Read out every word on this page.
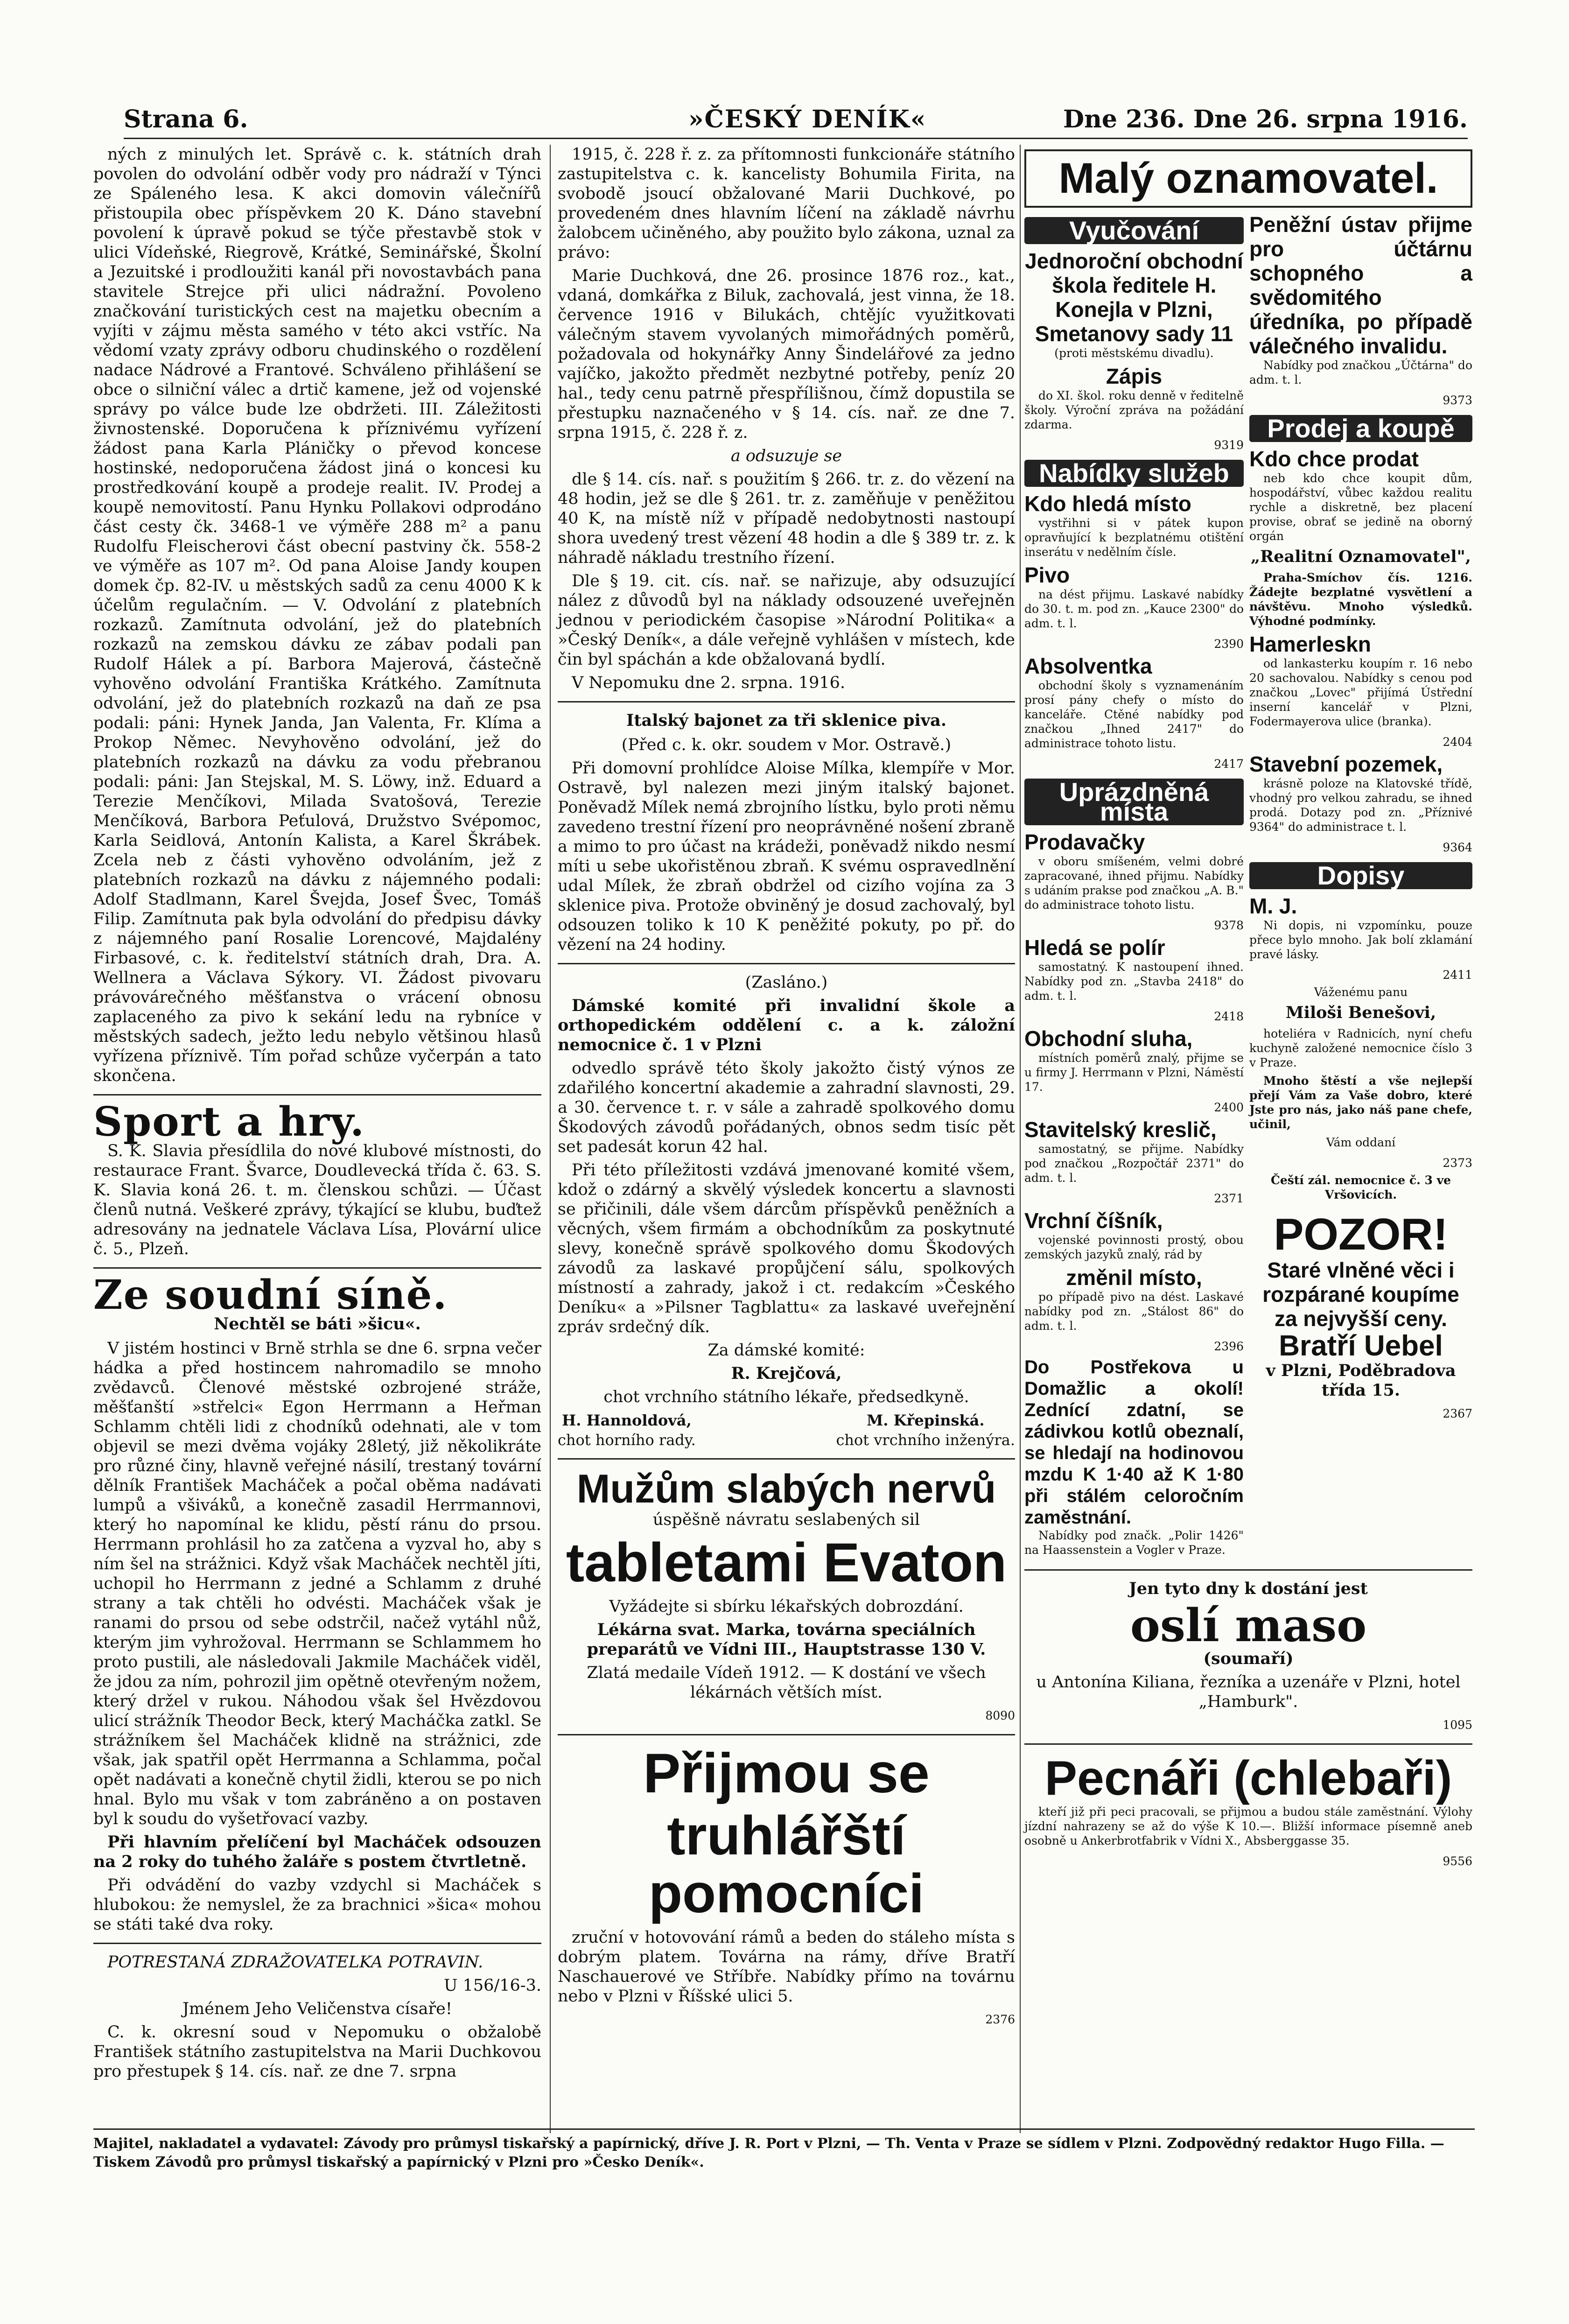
Strana 6.	»ČESKÝ DENÍK«	Dne 236. Dne 26. srpna 1916.

ných z minulých let. Správě c. k. státních drah povolen do odvolání odběr vody pro nádraží v Týnci ze Spáleného lesa. K akci domovin válečnířů přistoupila obec příspěvkem 20 K. Dáno stavební povolení k úpravě pokud se týče přestavbě stok v ulici Vídeňské, Riegrově, Krátké, Seminářské, Školní a Jezuitské i prodloužiti kanál při novostavbách pana stavitele Strejce při ulici nádražní. Povoleno značkování turistických cest na majetku obecním a vyjíti v zájmu města samého v této akci vstříc. Na vědomí vzaty zprávy odboru chudinského o rozdělení nadace Nádrové a Frantové. Schváleno přihlášení se obce o silniční válec a drtič kamene, jež od vojenské správy po válce bude lze obdržeti. III. Záležitosti živnostenské. Doporučena k příznivému vyřízení žádost pana Karla Pláničky o převod koncese hostinské, nedoporučena žádost jiná o koncesi ku prostředkování koupě a prodeje realit. IV. Prodej a koupě nemovitostí. Panu Hynku Pollakovi odprodáno část cesty čk. 3468-1 ve výměře 288 m² a panu Rudolfu Fleischerovi část obecní pastviny čk. 558-2 ve výměře as 107 m². Od pana Aloise Jandy koupen domek čp. 82-IV. u městských sadů za cenu 4000 K k účelům regulačním. — V. Odvolání z platebních rozkazů. Zamítnuta odvolání, jež do platebních rozkazů na zemskou dávku ze zábav podali pan Rudolf Hálek a pí. Barbora Majerová, částečně vyhověno odvolání Františka Krátkého. Zamítnuta odvolání, jež do platebních rozkazů na daň ze psa podali: páni: Hynek Janda, Jan Valenta, Fr. Klíma a Prokop Němec. Nevyhověno odvolání, jež do platebních rozkazů na dávku za vodu přebranou podali: páni: Jan Stejskal, M. S. Löwy, inž. Eduard a Terezie Menčíkovi, Milada Svatošová, Terezie Menčíková, Barbora Peťulová, Družstvo Svépomoc, Karla Seidlová, Antonín Kalista, a Karel Škrábek. Zcela neb z části vyhověno odvoláním, jež z platebních rozkazů na dávku z nájemného podali: Adolf Stadlmann, Karel Švejda, Josef Švec, Tomáš Filip. Zamítnuta pak byla odvolání do předpisu dávky z nájemného paní Rosalie Lorencové, Majdalény Firbasové, c. k. ředitelství státních drah, Dra. A. Wellnera a Václava Sýkory. VI. Žádost pivovaru právovárečného měšťanstva o vrácení obnosu zaplaceného za pivo k sekání ledu na rybníce v městských sadech, ježto ledu nebylo většinou hlasů vyřízena příznivě. Tím pořad schůze vyčerpán a tato skončena.

Sport a hry.

S. K. Slavia přesídlila do nové klubové místnosti, do restaurace Frant. Švarce, Doudlevecká třída č. 63. S. K. Slavia koná 26. t. m. členskou schůzi. — Účast členů nutná. Veškeré zprávy, týkající se klubu, buďtež adresovány na jednatele Václava Lísa, Plovární ulice č. 5., Plzeň.

Ze soudní síně.
Nechtěl se báti »šicu«.

V jistém hostinci v Brně strhla se dne 6. srpna večer hádka a před hostincem nahromadilo se mnoho zvědavců. Členové městské ozbrojené stráže, měšťanští »střelci« Egon Herrmann a Heřman Schlamm chtěli lidi z chodníků odehnati, ale v tom objevil se mezi dvěma vojáky 28letý, již několikráte pro různé činy, hlavně veřejné násilí, trestaný tovární dělník František Macháček a počal oběma nadávati lumpů a všiváků, a konečně zasadil Herrmannovi, který ho napomínal ke klidu, pěstí ránu do prsou. Herrmann prohlásil ho za zatčena a vyzval ho, aby s ním šel na strážnici. Když však Macháček nechtěl jíti, uchopil ho Herrmann z jedné a Schlamm z druhé strany a tak chtěli ho odvésti. Macháček však je ranami do prsou od sebe odstrčil, načež vytáhl nůž, kterým jim vyhrožoval. Herrmann se Schlammem ho proto pustili, ale následovali Jakmile Macháček viděl, že jdou za ním, pohrozil jim opětně otevřeným nožem, který držel v rukou. Náhodou však šel Hvězdovou ulicí strážník Theodor Beck, který Macháčka zatkl. Se strážníkem šel Macháček klidně na strážnici, zde však, jak spatřil opět Herrmanna a Schlamma, počal opět nadávati a konečně chytil židli, kterou se po nich hnal. Bylo mu však v tom zabráněno a on postaven byl k soudu do vyšetřovací vazby.

Při hlavním přelíčení byl Macháček odsouzen na 2 roky do tuhého žaláře s postem čtvrtletně.

Při odvádění do vazby vzdychl si Macháček s hlubokou: že nemyslel, že za brachnici »šica« mohou se státi také dva roky.

POTRESTANÁ ZDRAŽOVATELKA POTRAVIN.

U 156/16-3.

Jménem Jeho Veličenstva císaře!

C. k. okresní soud v Nepomuku o obžalobě František státního zastupitelstva na Marii Duchkovou pro přestupek § 14. cís. nař. ze dne 7. srpna

1915, č. 228 ř. z. za přítomnosti funkcionáře státního zastupitelstva c. k. kancelisty Bohumila Firita, na svobodě jsoucí obžalované Marii Duchkové, po provedeném dnes hlavním líčení na základě návrhu žalobcem učiněného, aby použito bylo zákona, uznal za právo:

Marie Duchková, dne 26. prosince 1876 roz., kat., vdaná, domkářka z Biluk, zachovalá, jest vinna, že 18. července 1916 v Bilukách, chtějíc využitkovati válečným stavem vyvolaných mimořádných poměrů, požadovala od hokynářky Anny Šindelářové za jedno vajíčko, jakožto předmět nezbytné potřeby, peníz 20 hal., tedy cenu patrně přespřílišnou, čímž dopustila se přestupku naznačeného v § 14. cís. nař. ze dne 7. srpna 1915, č. 228 ř. z.

a odsuzuje se

dle § 14. cís. nař. s použitím § 266. tr. z. do vězení na 48 hodin, jež se dle § 261. tr. z. zaměňuje v peněžitou 40 K, na místě níž v případě nedobytnosti nastoupí shora uvedený trest vězení 48 hodin a dle § 389 tr. z. k náhradě nákladu trestního řízení.

Dle § 19. cit. cís. nař. se nařizuje, aby odsuzující nález z důvodů byl na náklady odsouzené uveřejněn jednou v periodickém časopise »Národní Politika« a »Český Deník«, a dále veřejně vyhlášen v místech, kde čin byl spáchán a kde obžalovaná bydlí.

V Nepomuku dne 2. srpna. 1916.

Italský bajonet za tři sklenice piva.

(Před c. k. okr. soudem v Mor. Ostravě.)

Při domovní prohlídce Aloise Mílka, klempíře v Mor. Ostravě, byl nalezen mezi jiným italský bajonet. Poněvadž Mílek nemá zbrojního lístku, bylo proti němu zavedeno trestní řízení pro neoprávněné nošení zbraně a mimo to pro účast na krádeži, poněvadž nikdo nesmí míti u sebe ukořistěnou zbraň. K svému ospravedlnění udal Mílek, že zbraň obdržel od cizího vojína za 3 sklenice piva. Protože obviněný je dosud zachovalý, byl odsouzen toliko k 10 K peněžité pokuty, po př. do vězení na 24 hodiny.

(Zasláno.)

Dámské komité při invalidní škole a orthopedickém oddělení c. a k. záložní nemocnice č. 1 v Plzni

odvedlo správě této školy jakožto čistý výnos ze zdařilého koncertní akademie a zahradní slavnosti, 29. a 30. července t. r. v sále a zahradě spolkového domu Škodových závodů pořádaných, obnos sedm tisíc pět set padesát korun 42 hal.

Při této příležitosti vzdává jmenované komité všem, kdož o zdárný a skvělý výsledek koncertu a slavnosti se přičinili, dále všem dárcům příspěvků peněžních a věcných, všem firmám a obchodníkům za poskytnuté slevy, konečně správě spolkového domu Škodových závodů za laskavé propůjčení sálu, spolkových místností a zahrady, jakož i ct. redakcím »Českého Deníku« a »Pilsner Tagblattu« za laskavé uveřejnění zpráv srdečný dík.

Za dámské komité:

R. Krejčová,

chot vrchního státního lékaře, předsedkyně.

H. Hannoldová,
chot horního rady.
M. Křepinská.
chot vrchního inženýra.
Mužům slabých nervů

úspěšně návratu seslabených sil

tabletami Evaton

Vyžádejte si sbírku lékařských dobrozdání.

Lékárna svat. Marka, továrna speciálních preparátů ve Vídni III., Hauptstrasse 130 V.

Zlatá medaile Vídeň 1912. — K dostání ve všech lékárnách větších míst.

8090
Přijmou se
truhlářští pomocníci

zruční v hotovování rámů a beden do stáleho místa s dobrým platem. Továrna na rámy, dříve Bratří Naschauerové ve Stříbře. Nabídky přímo na továrnu nebo v Plzni v Říšské ulici 5.

2376
Malý oznamovatel.
Vyučování
Jednoroční obchodní škola ředitele H. Konejla v Plzni, Smetanovy sady 11

(proti městskému divadlu).

Zápis

do XI. škol. roku denně v ředitelně školy. Výroční zpráva na požádání zdarma.

9319
Nabídky služeb
Kdo hledá místo

vystřihni si v pátek kupon opravňující k bezplatnému otištění inserátu v nedělním čísle.

Pivo

na dést přijmu. Laskavé nabídky do 30. t. m. pod zn. „Kauce 2300" do adm. t. l.

2390
Absolventka

obchodní školy s vyznamenáním prosí pány chefy o místo do kanceláře. Ctěné nabídky pod značkou „Ihned 2417" do administrace tohoto listu.

2417
Uprázdněná místa
Prodavačky

v oboru smíšeném, velmi dobré zapracované, ihned přijmu. Nabídky s udáním prakse pod značkou „A. B." do administrace tohoto listu.

9378
Hledá se polír

samostatný. K nastoupení ihned. Nabídky pod zn. „Stavba 2418" do adm. t. l.

2418
Obchodní sluha,

místních poměrů znalý, přijme se u firmy J. Herrmann v Plzni, Náměstí 17.

2400
Stavitelský kreslič,

samostatný, se přijme. Nabídky pod značkou „Rozpočtář 2371" do adm. t. l.

2371
Vrchní číšník,

vojenské povinnosti prostý, obou zemských jazyků znalý, rád by

změnil místo,

po případě pivo na dést. Laskavé nabídky pod zn. „Stálost 86" do adm. t. l.

2396
Do Postřekova u Domažlic a okolí! Zednící zdatní, se zádivkou kotlů obeznalí, se hledají na hodinovou mzdu K 1·40 až K 1·80 při stálém celoročním zaměstnání.

Nabídky pod značk. „Polir 1426" na Haassenstein a Vogler v Praze.

Peněžní ústav přijme pro účtárnu schopného a svědomitého úředníka, po případě válečného invalidu.

Nabídky pod značkou „Účtárna" do adm. t. l.

9373
Prodej a koupě
Kdo chce prodat

neb kdo chce koupit dům, hospodářství, vůbec každou realitu rychle a diskretně, bez placení provise, obrať se jedině na oborný orgán

„Realitní Oznamovatel",

Praha-Smíchov čís. 1216. Žádejte bezplatné vysvětlení a návštěvu. Mnoho výsledků. Výhodné podmínky.

Hamerleskn

od lankasterku koupím r. 16 nebo 20 sachovalou. Nabídky s cenou pod značkou „Lovec" přijímá Ústřední inserní kancelář v Plzni, Fodermayerova ulice (branka).

2404
Stavební pozemek,

krásně poloze na Klatovské třídě, vhodný pro velkou zahradu, se ihned prodá. Dotazy pod zn. „Příznivé 9364" do administrace t. l.

9364
Dopisy
M. J.

Ni dopis, ni vzpomínku, pouze přece bylo mnoho. Jak bolí zklamání pravé lásky.

2411

Váženému panu

Miloši Benešovi,

hoteliéra v Radnicích, nyní chefu kuchyně založené nemocnice číslo 3 v Praze.

Mnoho štěstí a vše nejlepší přejí Vám za Vaše dobro, které Jste pro nás, jako náš pane chefe, učinil,

Vám oddaní

2373

Čeští zál. nemocnice č. 3 ve Vršovicích.

POZOR!
Staré vlněné věci i rozpárané koupíme za nejvyšší ceny.
Bratří Uebel

v Plzni, Poděbradova třída 15.

2367

Jen tyto dny k dostání jest

oslí maso

(soumaří)

u Antonína Kiliana, řezníka a uzenáře v Plzni, hotel „Hamburk".

1095
Pecnáři (chlebaři)

kteří již při peci pracovali, se přijmou a budou stále zaměstnání. Výlohy jízdní nahrazeny se až do výše K 10.—. Bližší informace písemně aneb osobně u Ankerbrotfabrik v Vídni X., Absberggasse 35.

9556
Majitel, nakladatel a vydavatel: Závody pro průmysl tiskařský a papírnický, dříve J. R. Port v Plzni, — Th. Venta v Praze se sídlem v Plzni. Zodpovědný redaktor Hugo Filla. — Tiskem Závodů pro průmysl tiskařský a papírnický v Plzni pro »Česko Deník«.
